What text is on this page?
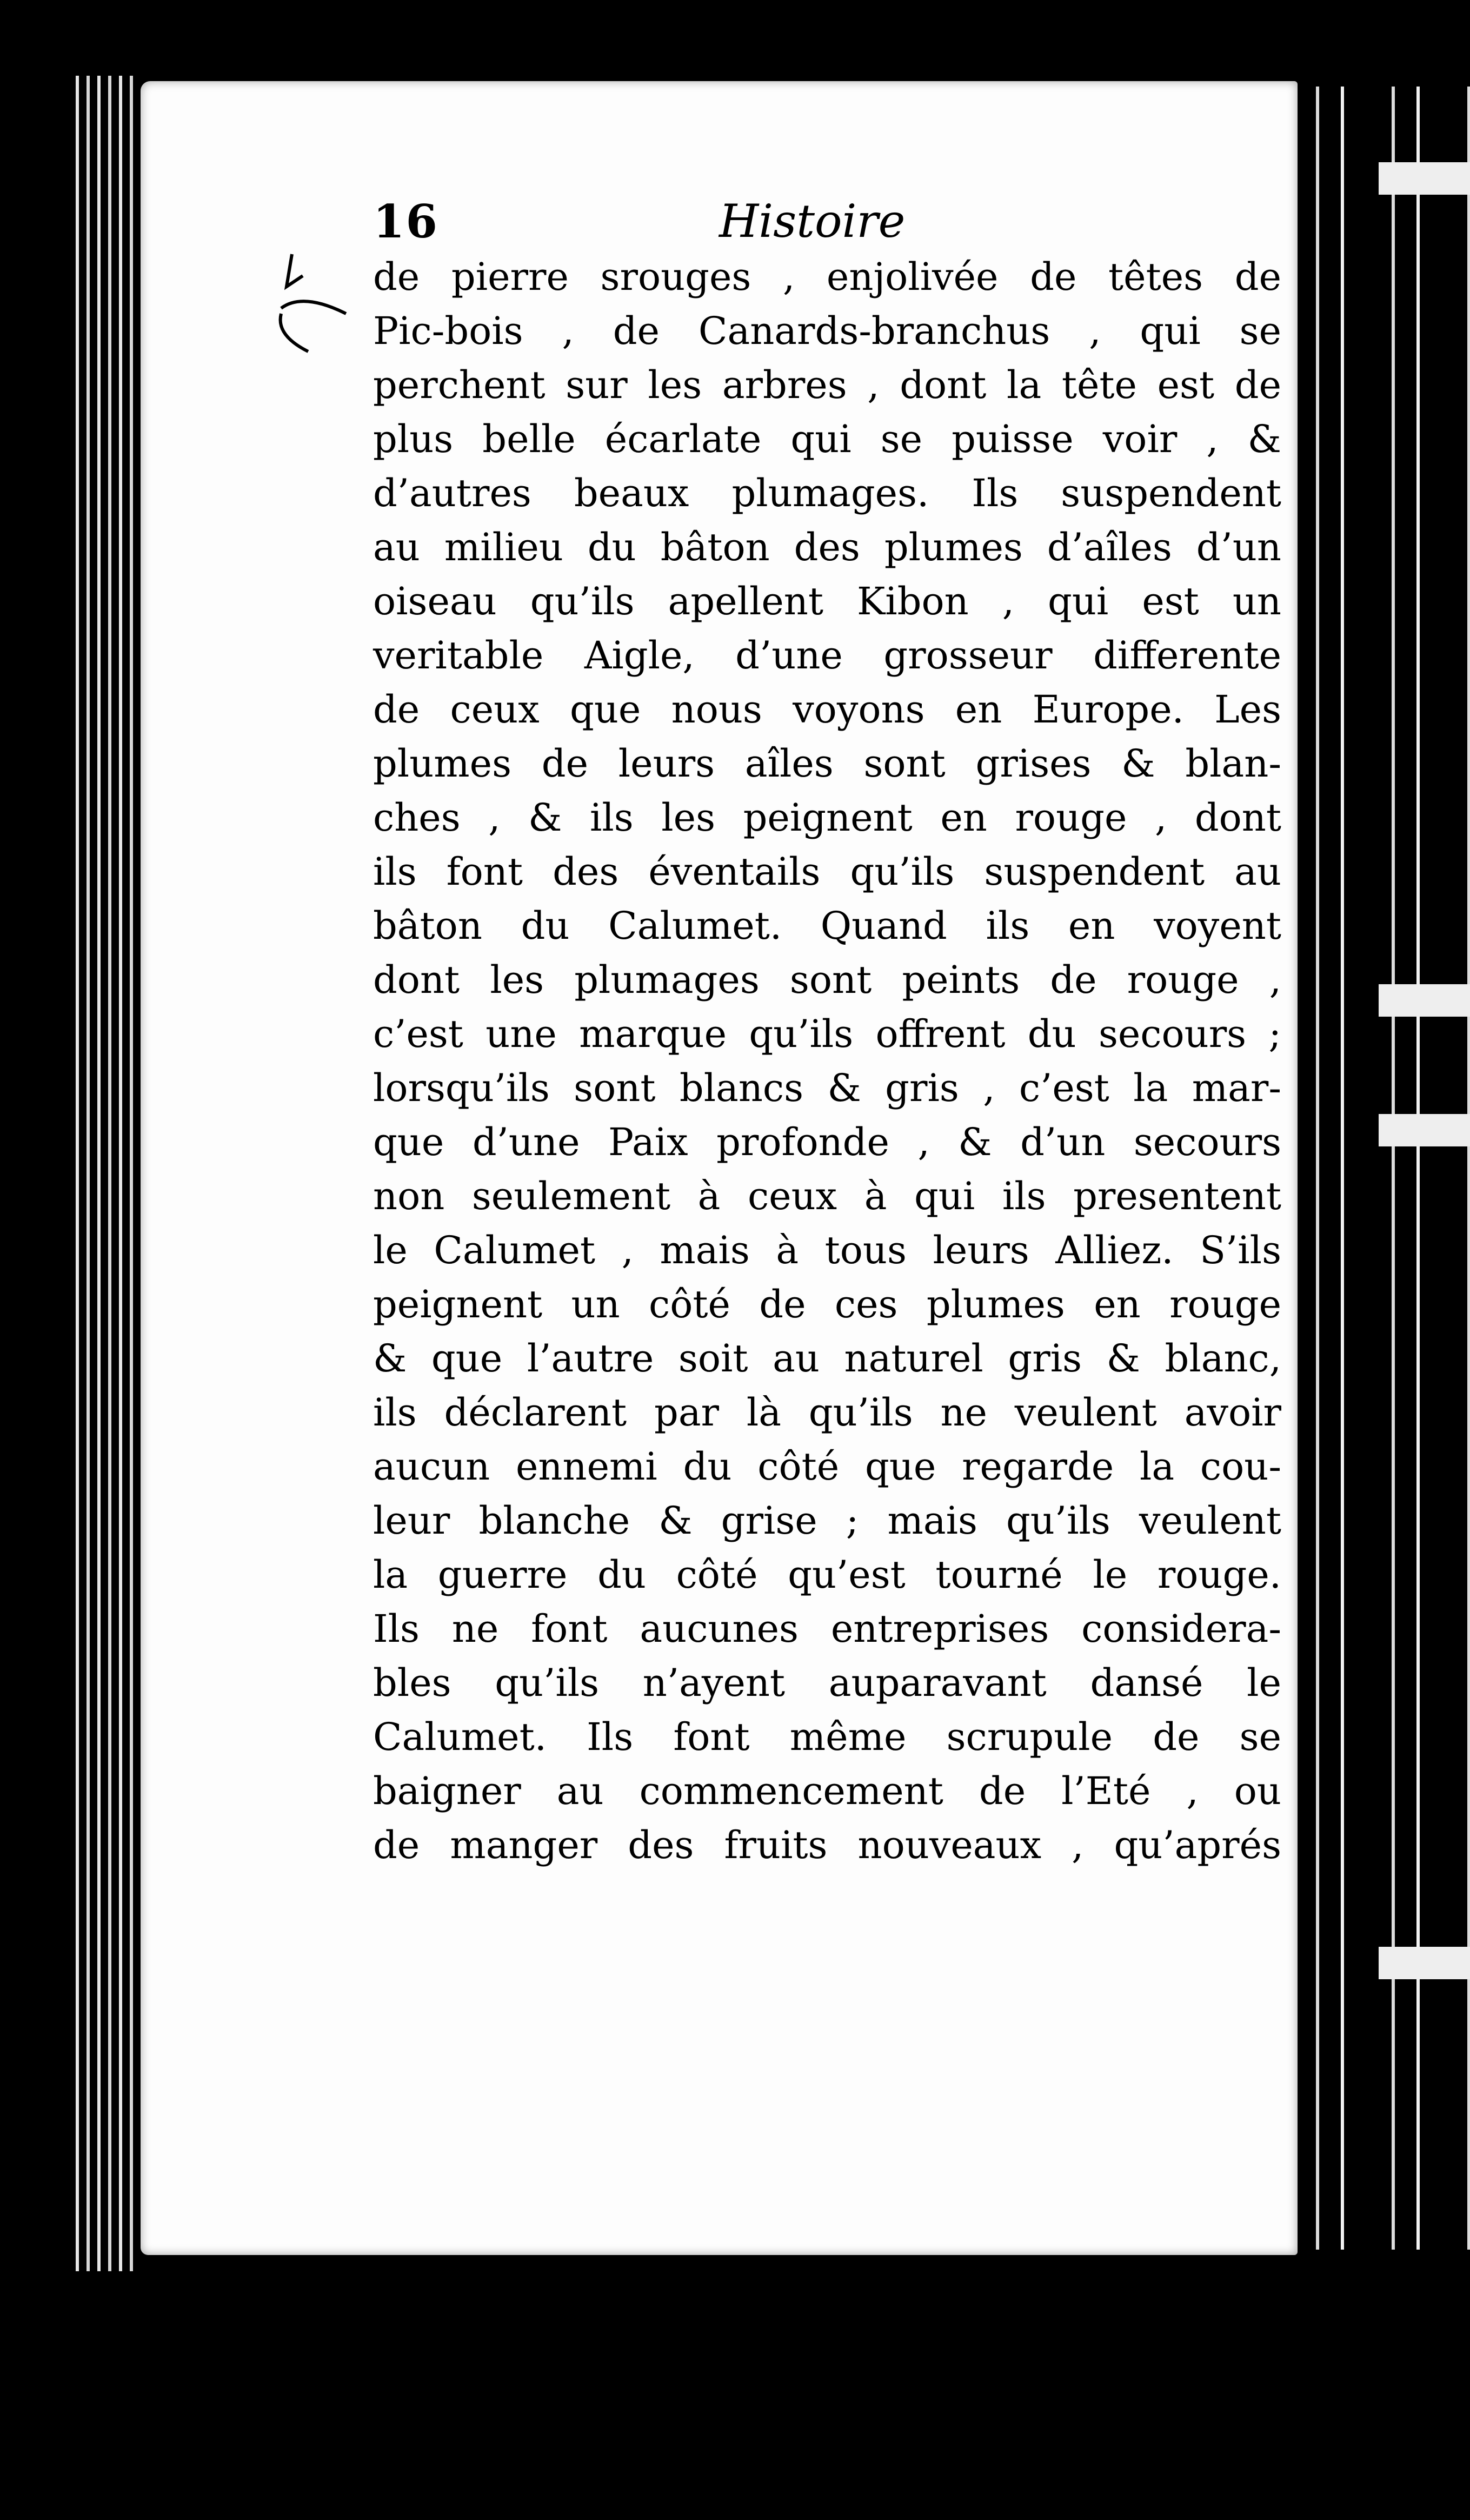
16	Histoire
de pierre srouges , enjolivée de têtes de
Pic-bois , de Canards-branchus , qui se
perchent sur les arbres , dont la tête est de
plus belle écarlate qui se puisse voir , &
d’autres beaux plumages. Ils suspendent
au milieu du bâton des plumes d’aîles d’un
oiseau qu’ils apellent Kibon , qui est un
veritable Aigle, d’une grosseur differente
de ceux que nous voyons en Europe. Les
plumes de leurs aîles sont grises & blan-
ches , & ils les peignent en rouge , dont
ils font des éventails qu’ils suspendent au
bâton du Calumet. Quand ils en voyent
dont les plumages sont peints de rouge ,
c’est une marque qu’ils offrent du secours ;
lorsqu’ils sont blancs & gris , c’est la mar-
que d’une Paix profonde , & d’un secours
non seulement à ceux à qui ils presentent
le Calumet , mais à tous leurs Alliez. S’ils
peignent un côté de ces plumes en rouge
& que l’autre soit au naturel gris & blanc,
ils déclarent par là qu’ils ne veulent avoir
aucun ennemi du côté que regarde la cou-
leur blanche & grise ; mais qu’ils veulent
la guerre du côté qu’est tourné le rouge.
Ils ne font aucunes entreprises considera-
bles qu’ils n’ayent auparavant dansé le
Calumet. Ils font même scrupule de se
baigner au commencement de l’Eté , ou
de manger des fruits nouveaux , qu’aprés
